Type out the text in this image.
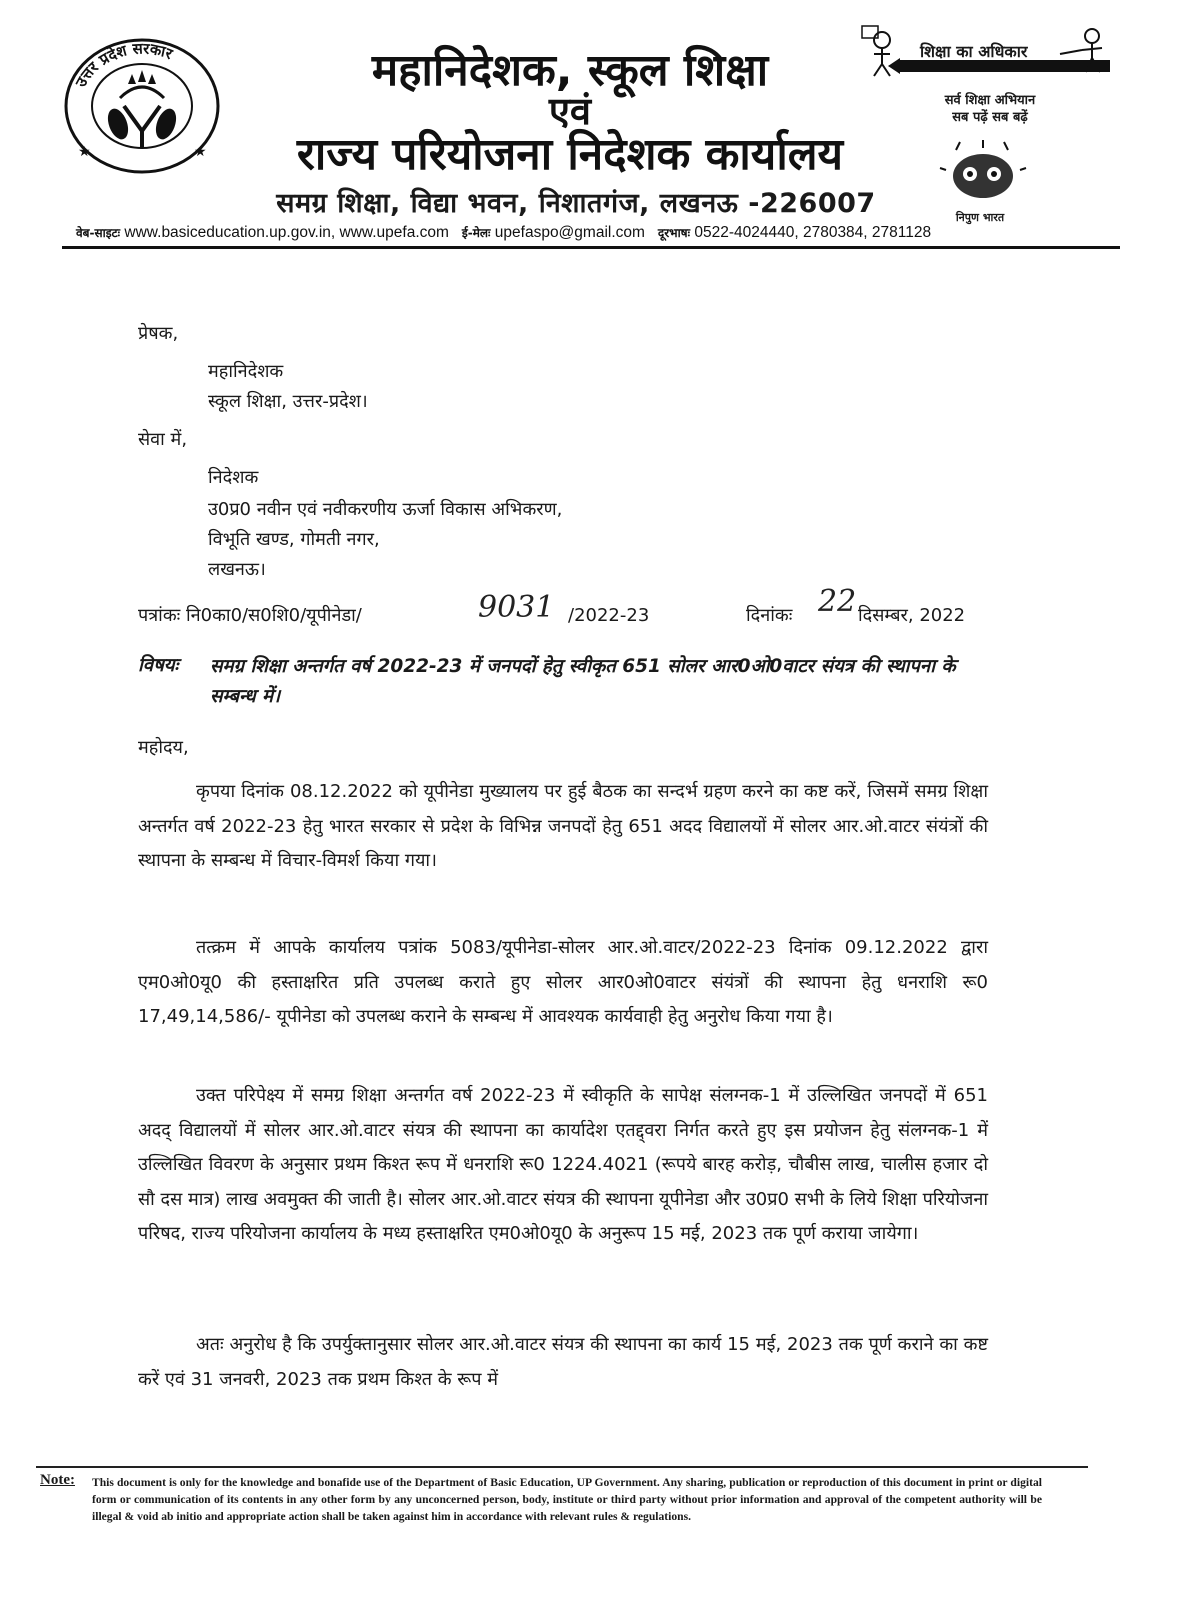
उत्तर प्रदेश सरकार
★	★
महानिदेशक, स्कूल शिक्षा
एवं
राज्य परियोजना निदेशक कार्यालय
समग्र शिक्षा, विद्या भवन, निशातगंज, लखनऊ -226007
शिक्षा का अधिकार
सर्व शिक्षा अभियान
सब पढ़ें सब बढ़ें
निपुण भारत
वेब-साइटः www.basiceducation.up.gov.in, www.upefa.com ई-मेलः upefaspo@gmail.com दूरभाषः 0522-4024440, 2780384, 2781128
प्रेषक,
महानिदेशक
स्कूल शिक्षा, उत्तर-प्रदेश।
सेवा में,
निदेशक
उ0प्र0 नवीन एवं नवीकरणीय ऊर्जा विकास अभिकरण,
विभूति खण्ड, गोमती नगर,
लखनऊ।
पत्रांकः नि0का0/स0शि0/यूपीनेडा/	9031 /2022-23	दिनांकः 22 दिसम्बर, 2022
विषयः समग्र शिक्षा अन्तर्गत वर्ष 2022-23 में जनपदों हेतु स्वीकृत 651 सोलर आर0ओ0वाटर संयत्र की स्थापना के सम्बन्ध में।
महोदय,
कृपया दिनांक 08.12.2022 को यूपीनेडा मुख्यालय पर हुई बैठक का सन्दर्भ ग्रहण करने का कष्ट करें, जिसमें समग्र शिक्षा अन्तर्गत वर्ष 2022-23 हेतु भारत सरकार से प्रदेश के विभिन्न जनपदों हेतु 651 अदद विद्यालयों में सोलर आर.ओ.वाटर संयंत्रों की स्थापना के सम्बन्ध में विचार-विमर्श किया गया।
तत्क्रम में आपके कार्यालय पत्रांक 5083/यूपीनेडा-सोलर आर.ओ.वाटर/2022-23 दिनांक 09.12.2022 द्वारा एम0ओ0यू0 की हस्ताक्षरित प्रति उपलब्ध कराते हुए सोलर आर0ओ0वाटर संयंत्रों की स्थापना हेतु धनराशि रू0 17,49,14,586/- यूपीनेडा को उपलब्ध कराने के सम्बन्ध में आवश्यक कार्यवाही हेतु अनुरोध किया गया है।
उक्त परिपेक्ष्य में समग्र शिक्षा अन्तर्गत वर्ष 2022-23 में स्वीकृति के सापेक्ष संलग्नक-1 में उल्लिखित जनपदों में 651 अदद् विद्यालयों में सोलर आर.ओ.वाटर संयत्र की स्थापना का कार्यादेश एतद्द्वरा निर्गत करते हुए इस प्रयोजन हेतु संलग्नक-1 में उल्लिखित विवरण के अनुसार प्रथम किश्त रूप में धनराशि रू0 1224.4021 (रूपये बारह करोड़, चौबीस लाख, चालीस हजार दो सौ दस मात्र) लाख अवमुक्त की जाती है। सोलर आर.ओ.वाटर संयत्र की स्थापना यूपीनेडा और उ0प्र0 सभी के लिये शिक्षा परियोजना परिषद, राज्य परियोजना कार्यालय के मध्य हस्ताक्षरित एम0ओ0यू0 के अनुरूप 15 मई, 2023 तक पूर्ण कराया जायेगा।
अतः अनुरोध है कि उपर्युक्तानुसार सोलर आर.ओ.वाटर संयत्र की स्थापना का कार्य 15 मई, 2023 तक पूर्ण कराने का कष्ट करें एवं 31 जनवरी, 2023 तक प्रथम किश्त के रूप में
Note: This document is only for the knowledge and bonafide use of the Department of Basic Education, UP Government. Any sharing, publication or reproduction of this document in print or digital form or communication of its contents in any other form by any unconcerned person, body, institute or third party without prior information and approval of the competent authority will be illegal & void ab initio and appropriate action shall be taken against him in accordance with relevant rules & regulations.
